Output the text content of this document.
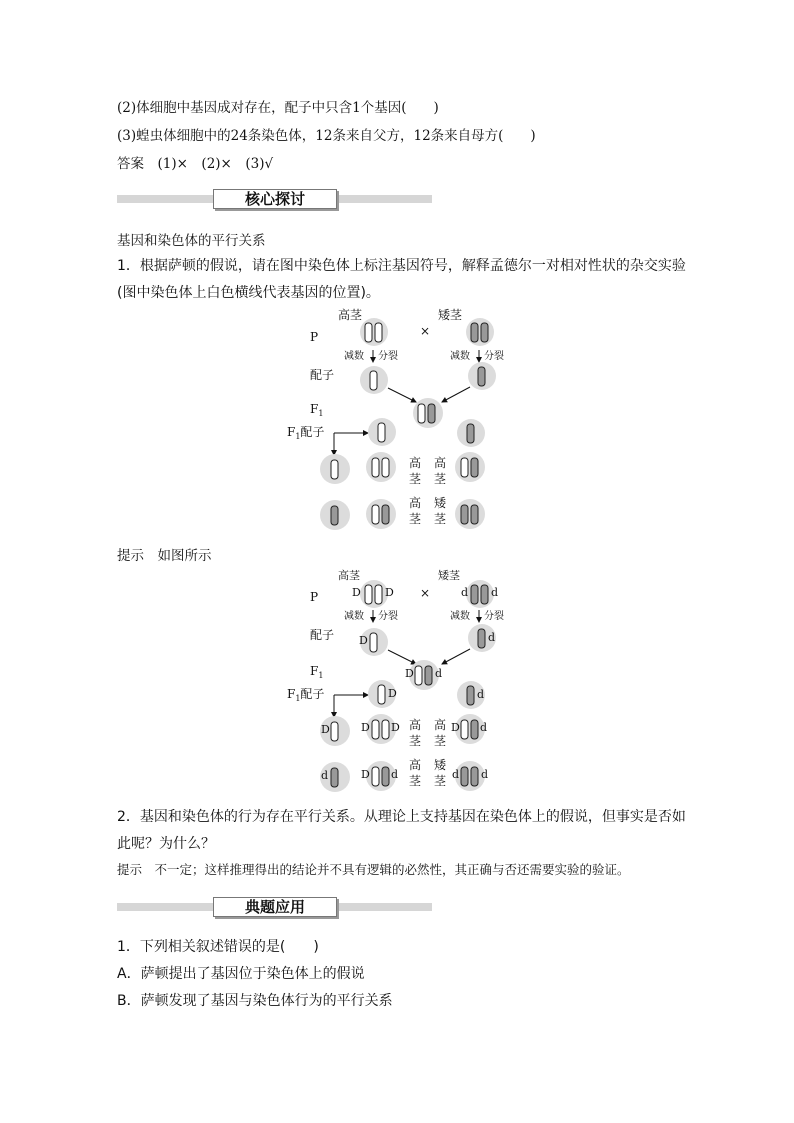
(2)体细胞中基因成对存在，配子中只含1个基因(　　)
(3)蝗虫体细胞中的24条染色体，12条来自父方，12条来自母方(　　)
答案　(1)×　(2)×　(3)√
核心探讨
基因和染色体的平行关系
1．根据萨顿的假说，请在图中染色体上标注基因符号，解释孟德尔一对相对性状的杂交实验
(图中染色体上白色横线代表基因的位置)。
高茎	矮茎
P	×
减数 分裂	减数 分裂
配子
$F_1$
$F_1$配子
高
茎
高
茎
高
茎
矮
茎
提示　如图所示
高茎	矮茎
P	×
D D	d d
减数 分裂	减数 分裂
配子 D	d
$F_1$	D d
$F_1$配子	D	d
D	D D 高
茎
高
茎
D d
d	D d
高
茎
矮
茎 d d
2．基因和染色体的行为存在平行关系。从理论上支持基因在染色体上的假说，但事实是否如
此呢？为什么？
提示　不一定；这样推理得出的结论并不具有逻辑的必然性，其正确与否还需要实验的验证。
典题应用
1．下列相关叙述错误的是(　　)
A．萨顿提出了基因位于染色体上的假说
B．萨顿发现了基因与染色体行为的平行关系
